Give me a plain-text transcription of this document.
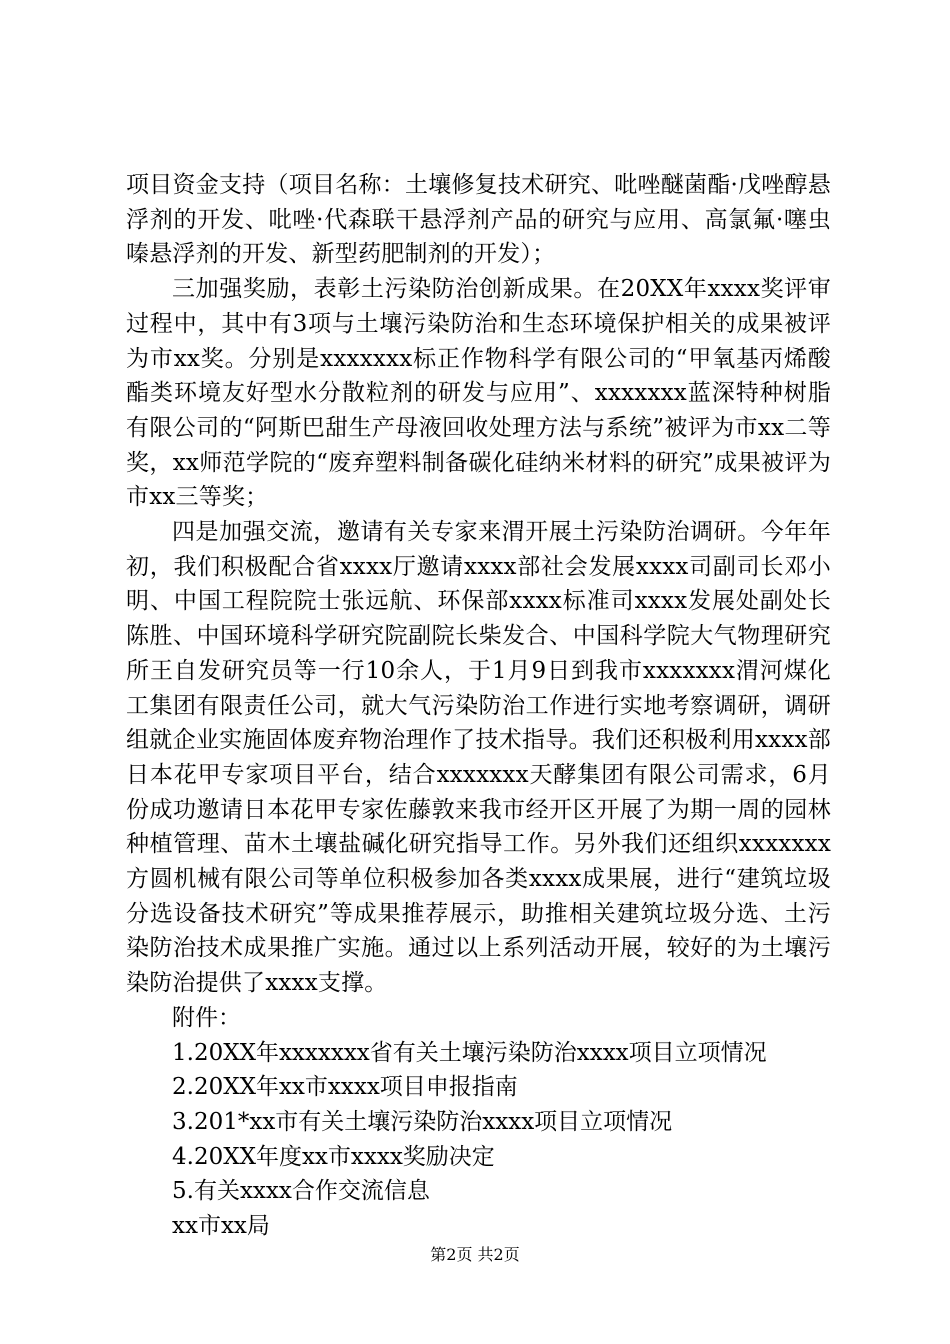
项目资金支持（项目名称：土壤修复技术研究、吡唑醚菌酯·戊唑醇悬浮剂的开发、吡唑·代森联干悬浮剂产品的研究与应用、高氯氟·噻虫嗪悬浮剂的开发、新型药肥制剂的开发）；

三加强奖励，表彰土污染防治创新成果。在20XX年xxxx奖评审过程中，其中有3项与土壤污染防治和生态环境保护相关的成果被评为市xx奖。分别是xxxxxxx标正作物科学有限公司的“甲氧基丙烯酸酯类环境友好型水分散粒剂的研发与应用”、xxxxxxx蓝深特种树脂有限公司的“阿斯巴甜生产母液回收处理方法与系统”被评为市xx二等奖，xx师范学院的“废弃塑料制备碳化硅纳米材料的研究”成果被评为市xx三等奖；

四是加强交流，邀请有关专家来渭开展土污染防治调研。今年年初，我们积极配合省xxxx厅邀请xxxx部社会发展xxxx司副司长邓小明、中国工程院院士张远航、环保部xxxx标准司xxxx发展处副处长陈胜、中国环境科学研究院副院长柴发合、中国科学院大气物理研究所王自发研究员等一行10余人，于1月9日到我市xxxxxxx渭河煤化工集团有限责任公司，就大气污染防治工作进行实地考察调研，调研组就企业实施固体废弃物治理作了技术指导。我们还积极利用xxxx部日本花甲专家项目平台，结合xxxxxxx天酵集团有限公司需求，6月份成功邀请日本花甲专家佐藤敦来我市经开区开展了为期一周的园林种植管理、苗木土壤盐碱化研究指导工作。另外我们还组织xxxxxxx方圆机械有限公司等单位积极参加各类xxxx成果展，进行“建筑垃圾分选设备技术研究”等成果推荐展示，助推相关建筑垃圾分选、土污染防治技术成果推广实施。通过以上系列活动开展，较好的为土壤污染防治提供了xxxx支撑。

附件：

1.20XX年xxxxxxx省有关土壤污染防治xxxx项目立项情况

2.20XX年xx市xxxx项目申报指南

3.201*xx市有关土壤污染防治xxxx项目立项情况

4.20XX年度xx市xxxx奖励决定

5.有关xxxx合作交流信息

xx市xx局

第2页 共2页
